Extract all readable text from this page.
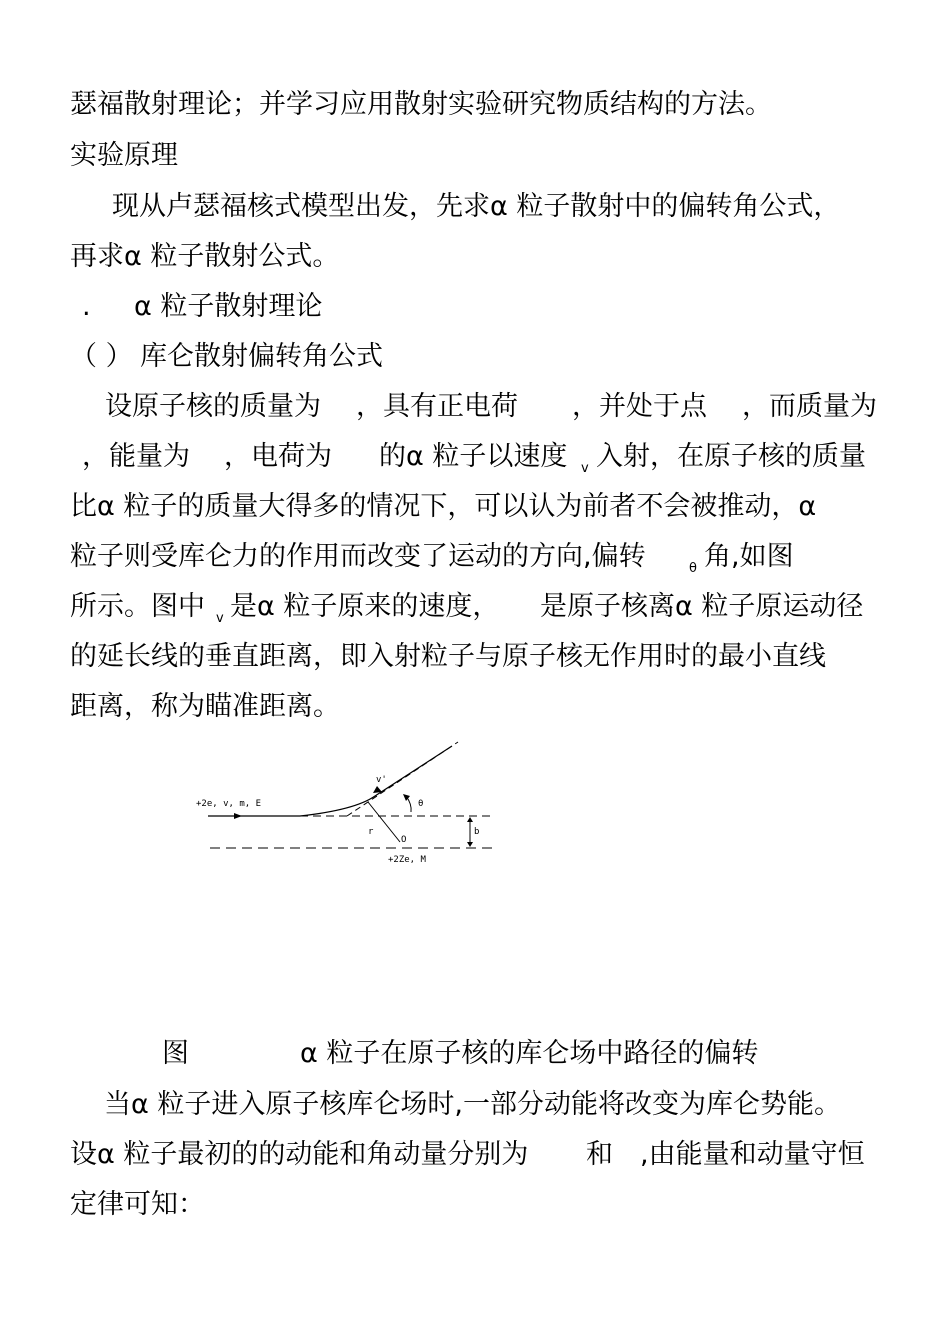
瑟福散射理论；并学习应用散射实验研究物质结构的方法。
实验原理
现从卢瑟福核式模型出发，先求α 粒子散射中的偏转角公式，
再求α 粒子散射公式。
. α 粒子散射理论
（ ） 库仑散射偏转角公式
设原子核的质量为 ，具有正电荷 ，并处于点 ，而质量为
，能量为 ，电荷为 的α 粒子以速度 v 入射，在原子核的质量
比α 粒子的质量大得多的情况下，可以认为前者不会被推动，α
粒子则受库仑力的作用而改变了运动的方向,偏转	θ 角,如图
所示。图中 v 是α 粒子原来的速度， 是原子核离α 粒子原运动径
的延长线的垂直距离，即入射粒子与原子核无作用时的最小直线
距离，称为瞄准距离。
+2e, v, m, E
v'
θ
r
O
b
+2Ze, M
图	α 粒子在原子核的库仑场中路径的偏转
当α 粒子进入原子核库仑场时,一部分动能将改变为库仑势能。
设α 粒子最初的的动能和角动量分别为 和 ,由能量和动量守恒
定律可知：
